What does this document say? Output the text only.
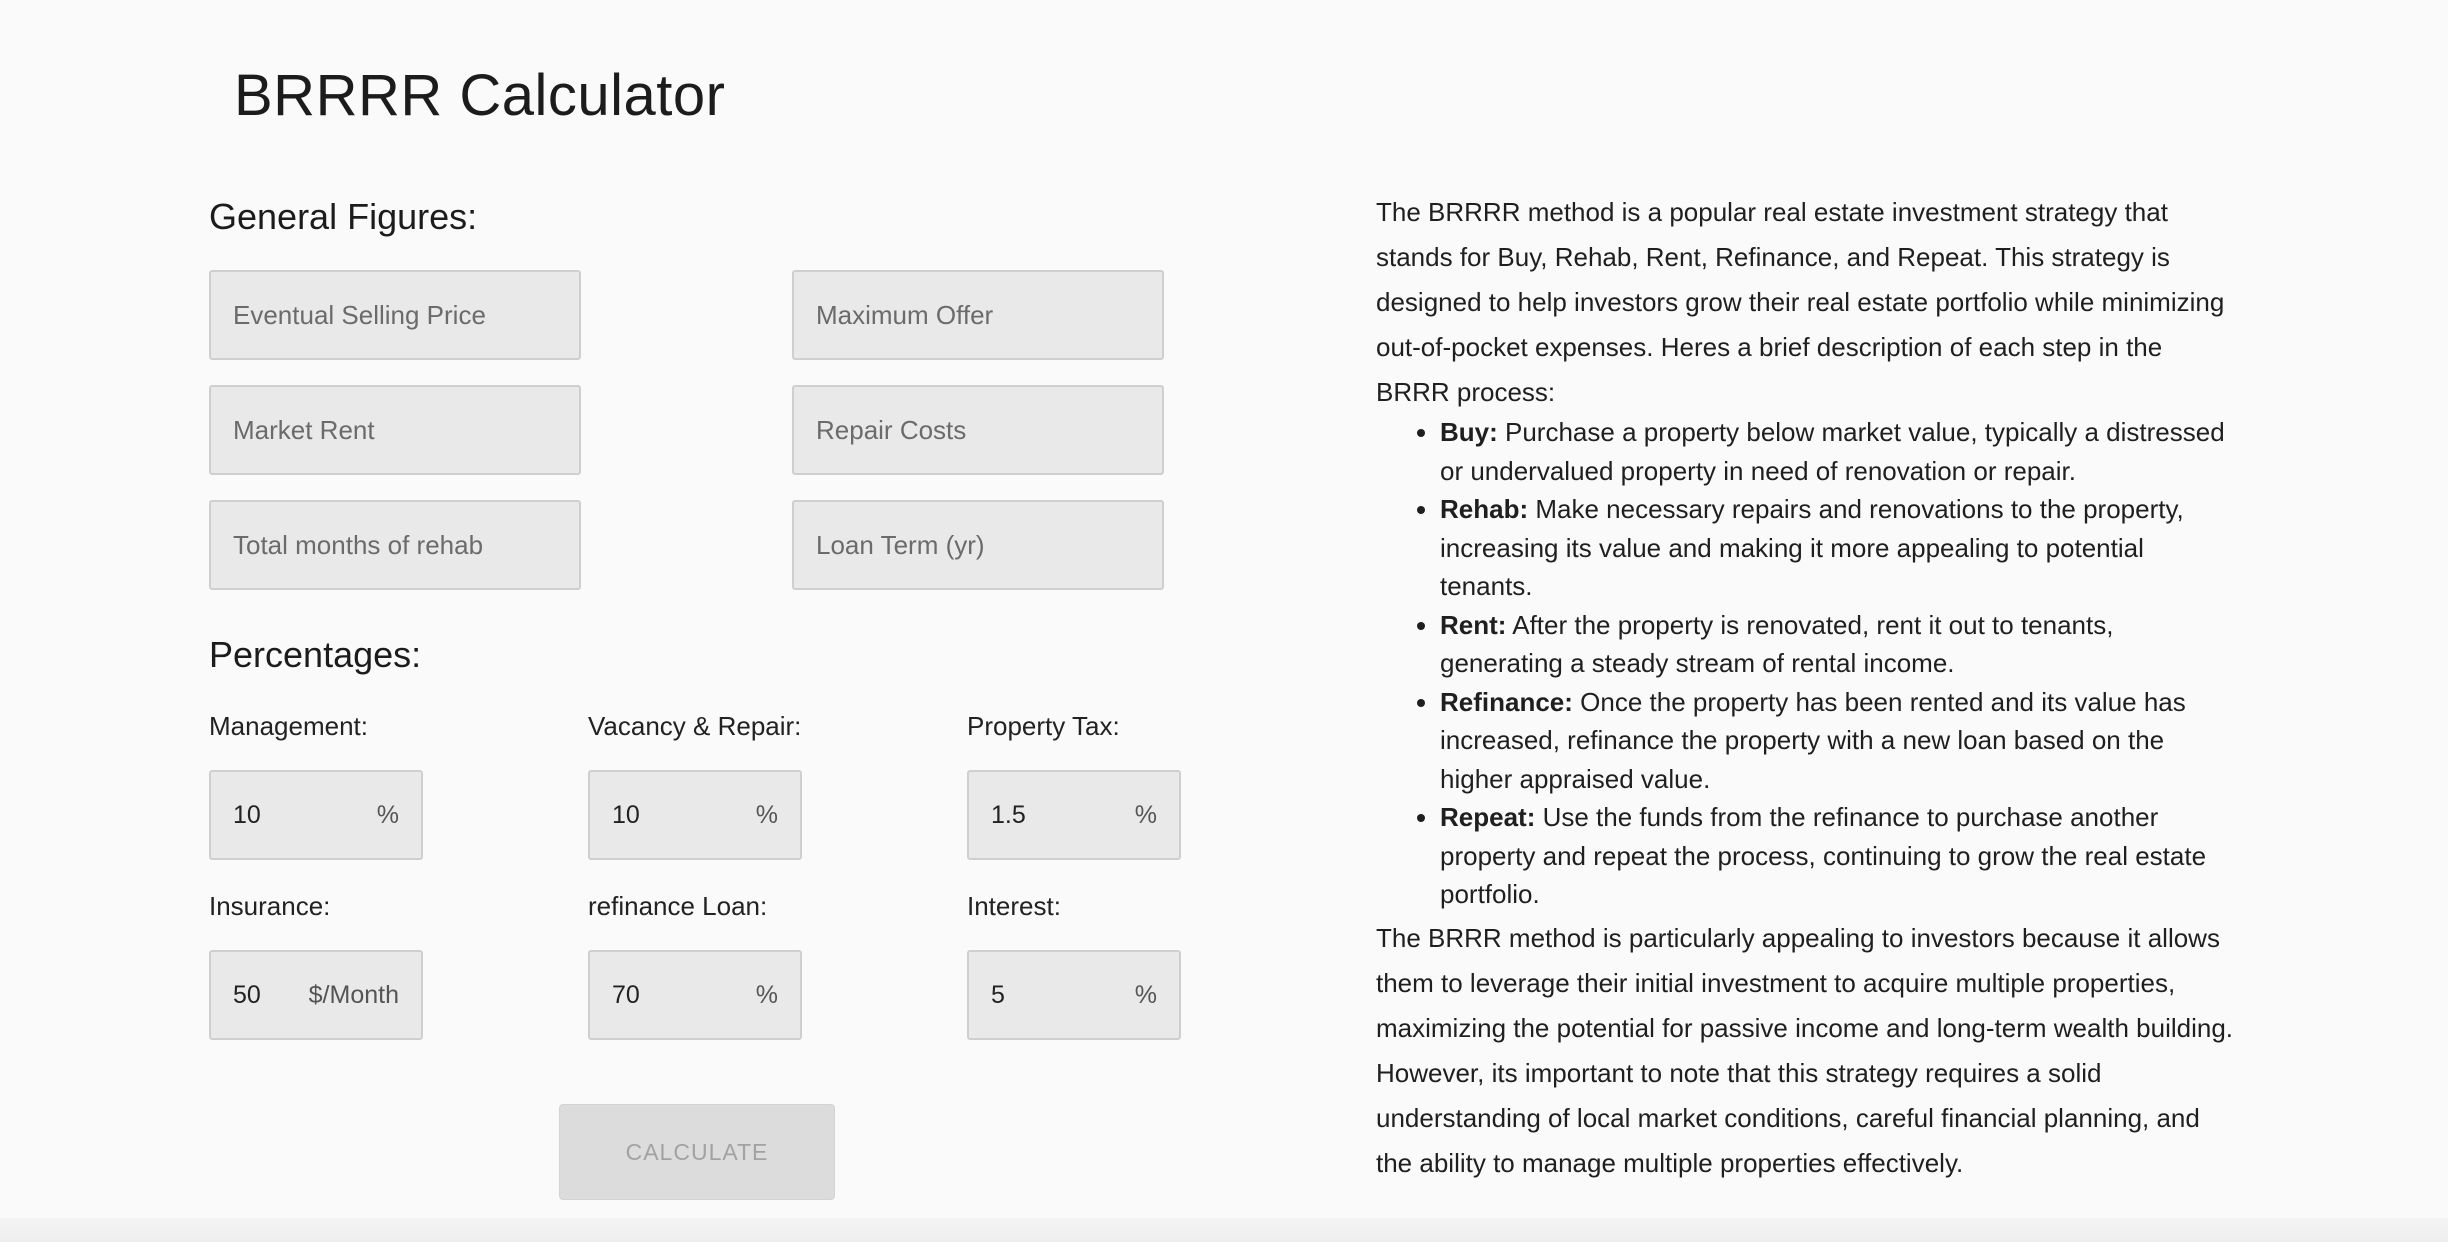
BRRRR Calculator
General Figures:
Eventual Selling Price
Maximum Offer
Market Rent
Repair Costs
Total months of rehab
Loan Term (yr)
Percentages:
Management:
10
%
Vacancy & Repair:
10
%
Property Tax:
1.5
%
Insurance:
50
$/Month
refinance Loan:
70
%
Interest:
5
%
CALCULATE

The BRRRR method is a popular real estate investment strategy that stands for Buy, Rehab, Rent, Refinance, and Repeat. This strategy is designed to help investors grow their real estate portfolio while minimizing out-of-pocket expenses. Heres a brief description of each step in the BRRR process:

• Buy: Purchase a property below market value, typically a distressed or undervalued property in need of renovation or repair.
• Rehab: Make necessary repairs and renovations to the property, increasing its value and making it more appealing to potential tenants.
• Rent: After the property is renovated, rent it out to tenants, generating a steady stream of rental income.
• Refinance: Once the property has been rented and its value has increased, refinance the property with a new loan based on the higher appraised value.
• Repeat: Use the funds from the refinance to purchase another property and repeat the process, continuing to grow the real estate portfolio.

The BRRR method is particularly appealing to investors because it allows them to leverage their initial investment to acquire multiple properties, maximizing the potential for passive income and long-term wealth building. However, its important to note that this strategy requires a solid understanding of local market conditions, careful financial planning, and the ability to manage multiple properties effectively.
